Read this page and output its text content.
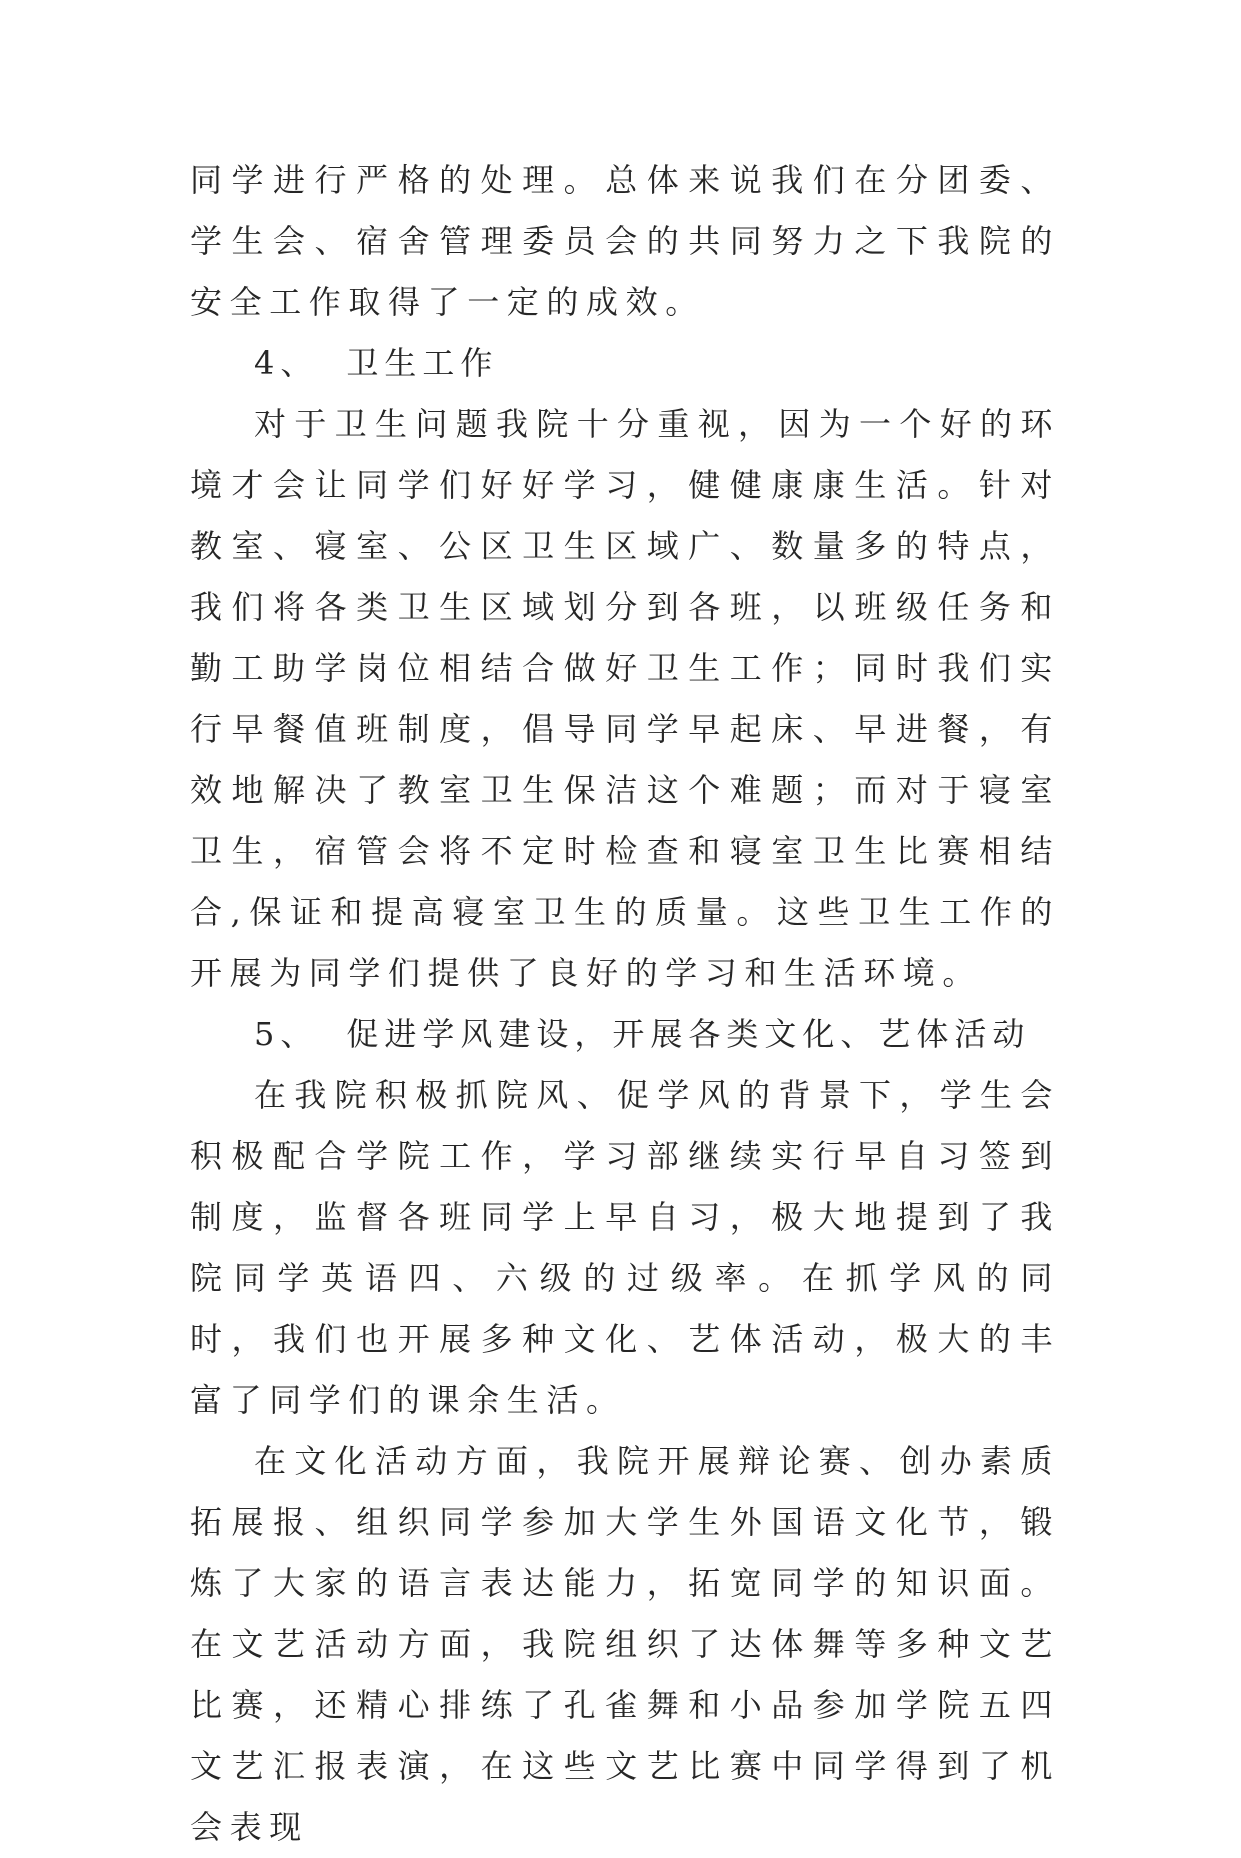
同学进行严格的处理。总体来说我们在分团委、学生会、宿舍管理委员会的共同努力之下我院的安全工作取得了一定的成效。

4、 卫生工作

对于卫生问题我院十分重视，因为一个好的环境才会让同学们好好学习，健健康康生活。针对教室、寝室、公区卫生区域广、数量多的特点，我们将各类卫生区域划分到各班，以班级任务和勤工助学岗位相结合做好卫生工作；同时我们实行早餐值班制度，倡导同学早起床、早进餐，有效地解决了教室卫生保洁这个难题；而对于寝室卫生，宿管会将不定时检查和寝室卫生比赛相结合,保证和提高寝室卫生的质量。这些卫生工作的开展为同学们提供了良好的学习和生活环境。

5、 促进学风建设，开展各类文化、艺体活动

在我院积极抓院风、促学风的背景下，学生会积极配合学院工作，学习部继续实行早自习签到制度，监督各班同学上早自习，极大地提到了我院同学英语四、六级的过级率。在抓学风的同时，我们也开展多种文化、艺体活动，极大的丰富了同学们的课余生活。

在文化活动方面，我院开展辩论赛、创办素质拓展报、组织同学参加大学生外国语文化节，锻炼了大家的语言表达能力，拓宽同学的知识面。在文艺活动方面，我院组织了达体舞等多种文艺比赛，还精心排练了孔雀舞和小品参加学院五四文艺汇报表演，在这些文艺比赛中同学得到了机会表现
